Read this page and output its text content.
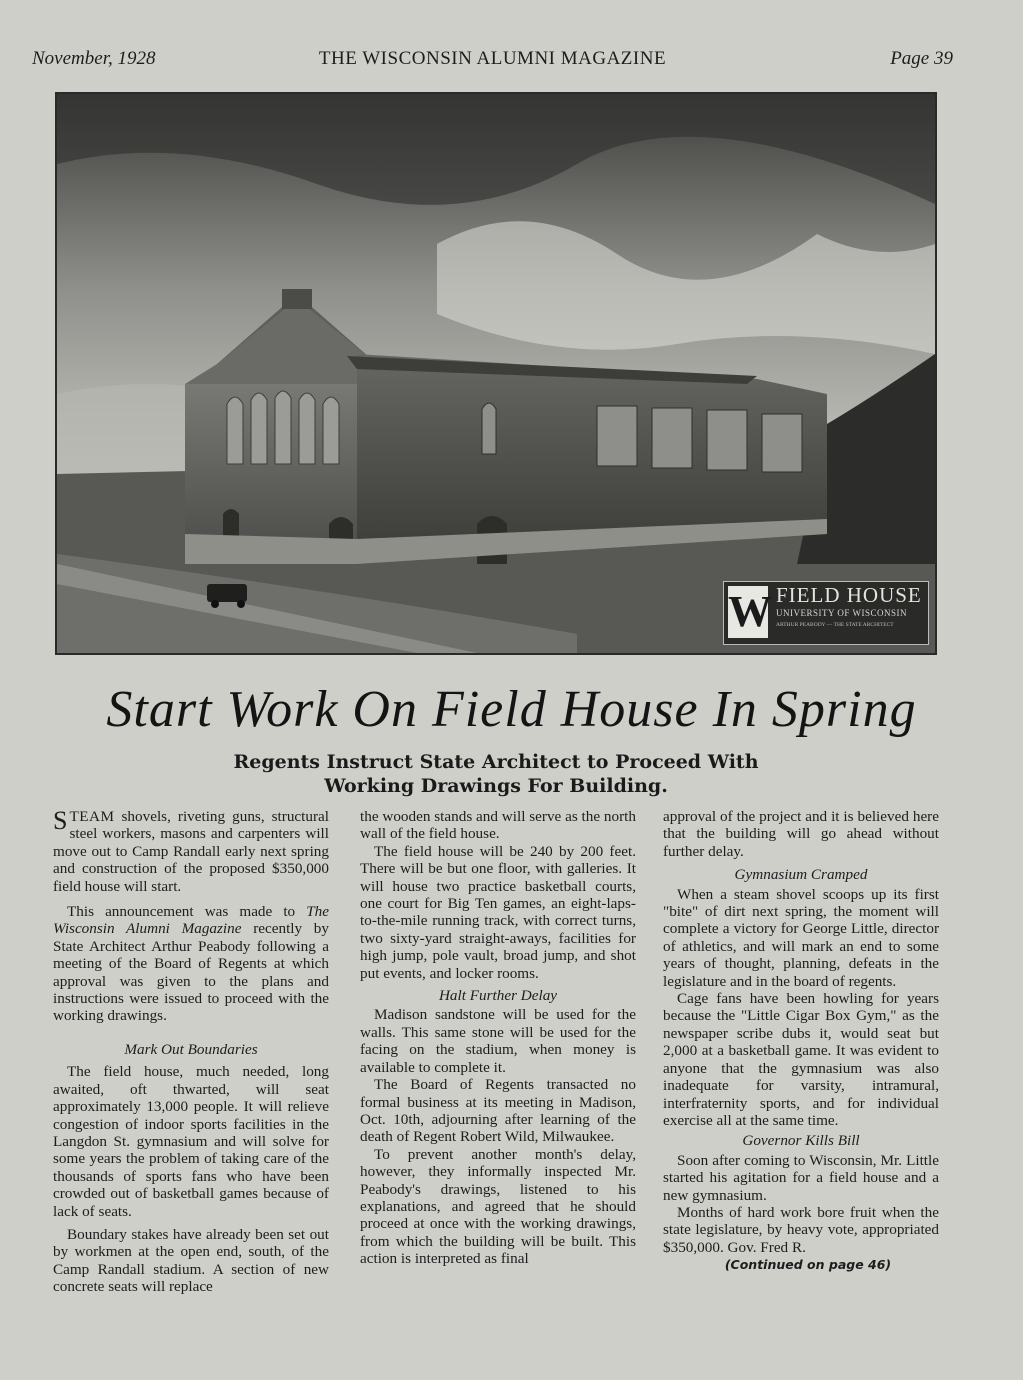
November, 1928	THE WISCONSIN ALUMNI MAGAZINE	Page 39
W FIELD HOUSE
UNIVERSITY OF WISCONSIN
ARTHUR PEABODY — THE STATE ARCHITECT
Start Work On Field House In Spring
Regents Instruct State Architect to Proceed With Working Drawings For Building.

STEAM shovels, riveting guns, structural steel workers, masons and carpenters will move out to Camp Randall early next spring and construction of the proposed $350,000 field house will start.

This announcement was made to The Wisconsin Alumni Magazine recently by State Architect Arthur Peabody following a meeting of the Board of Regents at which approval was given to the plans and instructions were issued to proceed with the working drawings.

Mark Out Boundaries

The field house, much needed, long awaited, oft thwarted, will seat approximately 13,000 people. It will relieve congestion of indoor sports facilities in the Langdon St. gymnasium and will solve for some years the problem of taking care of the thousands of sports fans who have been crowded out of basketball games because of lack of seats.

Boundary stakes have already been set out by workmen at the open end, south, of the Camp Randall stadium. A section of new concrete seats will replace

the wooden stands and will serve as the north wall of the field house.

The field house will be 240 by 200 feet. There will be but one floor, with galleries. It will house two practice basketball courts, one court for Big Ten games, an eight-laps-to-the-mile running track, with correct turns, two sixty-yard straight-aways, facilities for high jump, pole vault, broad jump, and shot put events, and locker rooms.

Halt Further Delay

Madison sandstone will be used for the walls. This same stone will be used for the facing on the stadium, when money is available to complete it.

The Board of Regents transacted no formal business at its meeting in Madison, Oct. 10th, adjourning after learning of the death of Regent Robert Wild, Milwaukee.

To prevent another month's delay, however, they informally inspected Mr. Peabody's drawings, listened to his explanations, and agreed that he should proceed at once with the working drawings, from which the building will be built. This action is interpreted as final

approval of the project and it is believed here that the building will go ahead without further delay.

Gymnasium Cramped

When a steam shovel scoops up its first "bite" of dirt next spring, the moment will complete a victory for George Little, director of athletics, and will mark an end to some years of thought, planning, defeats in the legislature and in the board of regents.

Cage fans have been howling for years because the "Little Cigar Box Gym," as the newspaper scribe dubs it, would seat but 2,000 at a basketball game. It was evident to anyone that the gymnasium was also inadequate for varsity, intramural, interfraternity sports, and for individual exercise all at the same time.

Governor Kills Bill

Soon after coming to Wisconsin, Mr. Little started his agitation for a field house and a new gymnasium.

Months of hard work bore fruit when the state legislature, by heavy vote, appropriated $350,000. Gov. Fred R.

(Continued on page 46)
